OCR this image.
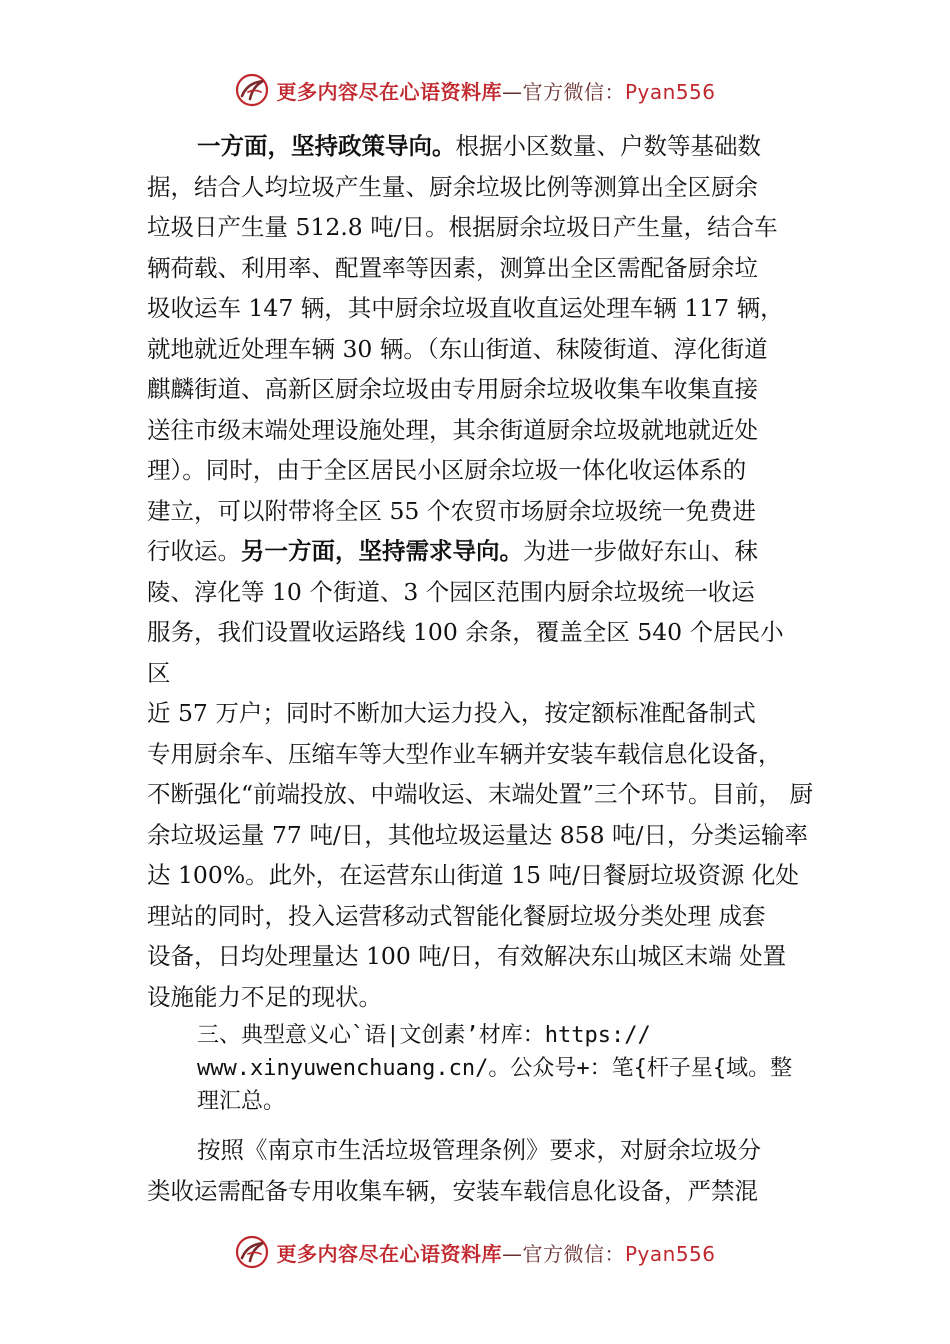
更多内容尽在心语资料库—官方微信：Pyan556

一方面，坚持政策导向。根据小区数量、户数等基础数
据，结合人均垃圾产生量、厨余垃圾比例等测算出全区厨余
垃圾日产生量 512.8 吨/日。根据厨余垃圾日产生量，结合车
辆荷载、利用率、配置率等因素，测算出全区需配备厨余垃
圾收运车 147 辆，其中厨余垃圾直收直运处理车辆 117 辆，
就地就近处理车辆 30 辆。（东山街道、秣陵街道、淳化街道
麒麟街道、高新区厨余垃圾由专用厨余垃圾收集车收集直接
送往市级末端处理设施处理，其余街道厨余垃圾就地就近处
理）。同时，由于全区居民小区厨余垃圾一体化收运体系的
建立，可以附带将全区 55 个农贸市场厨余垃圾统一免费进
行收运。另一方面，坚持需求导向。为进一步做好东山、秣
陵、淳化等 10 个街道、3 个园区范围内厨余垃圾统一收运
服务，我们设置收运路线 100 余条，覆盖全区 540 个居民小
区
近 57 万户；同时不断加大运力投入，按定额标准配备制式
专用厨余车、压缩车等大型作业车辆并安装车载信息化设备，
不断强化“前端投放、中端收运、末端处置”三个环节。目前， 厨
余垃圾运量 77 吨/日，其他垃圾运量达 858 吨/日，分类运输率
达 100%。此外，在运营东山街道 15 吨/日餐厨垃圾资源 化处
理站的同时，投入运营移动式智能化餐厨垃圾分类处理 成套
设备，日均处理量达 100 吨/日，有效解决东山城区末端 处置
设施能力不足的现状。

三、典型意义心`语|文创素’材库：https://
www.xinyuwenchuang.cn/。公众号+：笔{杆子星{域。整
理汇总。

按照《南京市生活垃圾管理条例》要求，对厨余垃圾分
类收运需配备专用收集车辆，安装车载信息化设备，严禁混

更多内容尽在心语资料库—官方微信：Pyan556
